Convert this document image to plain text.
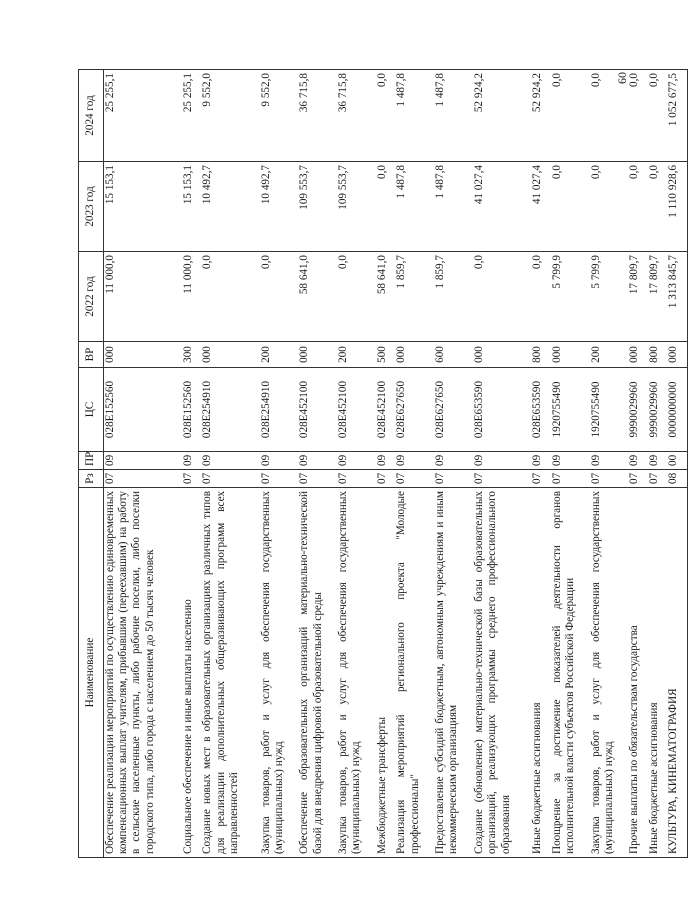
60
Наименование	Рз	ПР	ЦС	ВР	2022 год	2023 год	2024 год
Обеспечение реализации мероприятий по осуществлению единовременных компенсационных выплат учителям, прибывшим (переехавшим) на работу в сельские населенные пункты, либо рабочие поселки, либо поселки городского типа, либо города с населением до 50 тысяч человек	07	09	028E152560	000	11 000,0	15 153,1	25 255,1
Социальное обеспечение и иные выплаты населению	07	09	028E152560	300	11 000,0	15 153,1	25 255,1
Создание новых мест в образовательных организациях различных типов для реализации дополнительных общеразвивающих программ всех направленностей	07	09	028E254910	000	0,0	10 492,7	9 552,0
Закупка товаров, работ и услуг для обеспечения государственных (муниципальных) нужд	07	09	028E254910	200	0,0	10 492,7	9 552,0
Обеспечение образовательных организаций материально-технической базой для внедрения цифровой образовательной среды	07	09	028E452100	000	58 641,0	109 553,7	36 715,8
Закупка товаров, работ и услуг для обеспечения государственных (муниципальных) нужд	07	09	028E452100	200	0,0	109 553,7	36 715,8
Межбюджетные трансферты	07	09	028E452100	500	58 641,0	0,0	0,0
Реализация мероприятий регионального проекта "Молодые профессионалы"	07	09	028E627650	000	1 859,7	1 487,8	1 487,8
Предоставление субсидий бюджетным, автономным учреждениям и иным некоммерческим организациям	07	09	028E627650	600	1 859,7	1 487,8	1 487,8
Создание (обновление) материально-технической базы образовательных организаций, реализующих программы среднего профессионального образования	07	09	028E653590	000	0,0	41 027,4	52 924,2
Иные бюджетные ассигнования	07	09	028E653590	800	0,0	41 027,4	52 924,2
Поощрение за достижение показателей деятельности органов исполнительной власти субъектов Российской Федерации	07	09	1920755490	000	5 799,9	0,0	0,0
Закупка товаров, работ и услуг для обеспечения государственных (муниципальных) нужд	07	09	1920755490	200	5 799,9	0,0	0,0
Прочие выплаты по обязательствам государства	07	09	9990029960	000	17 809,7	0,0	0,0
Иные бюджетные ассигнования	07	09	9990029960	800	17 809,7	0,0	0,0
КУЛЬТУРА, КИНЕМАТОГРАФИЯ	08	00	0000000000	000	1 313 845,7	1 110 928,6	1 052 677,5
